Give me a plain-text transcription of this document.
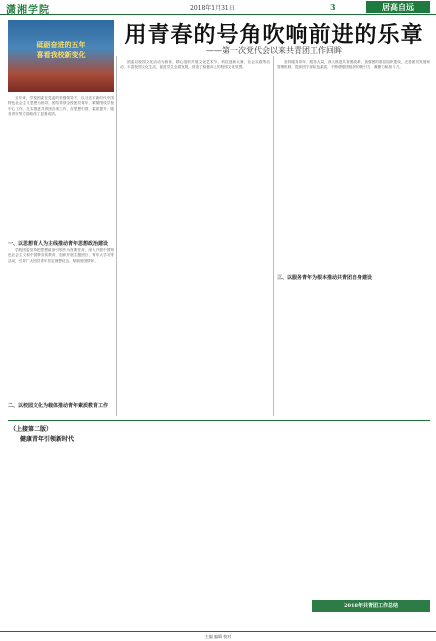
潇湘学院	2018年1月31日	3	居高自远
用青春的号角吹响前进的乐章
——第一次党代会以来共青团工作回眸
砥砺奋进的五年
喜看我校新变化

五年来，学校团委在党委的坚强领导下，以习近平新时代中国特色社会主义思想为指导，团结带领全校团员青年，紧紧围绕学校中心工作，扎实推进共青团各项工作，在思想引领、素质提升、服务青年等方面取得了显著成绩。

一、以思想育人为主线推动青年思想政治建设

学院团委坚持把思想政治引领作为首要任务，深入开展中国特色社会主义和中国梦宣传教育，组织开展主题团日、青年大学习等活动，引导广大团员青年坚定理想信念，厚植爱国情怀。

二、以校园文化为载体推动青年素质教育工作

团委以校园文化活动为载体，精心组织开展文化艺术节、科技创新大赛、社会实践等活动，丰富校园文化生活，促进学生全面发展，营造了积极向上的校园文化氛围。

坚持服务青年、服务大局，深入推进共青团改革，加强团的基层组织建设，完善团员发展和管理机制，提高团干部队伍素质，不断增强团组织的吸引力、凝聚力和战斗力。

三、以服务青年为根本推动共青团自身建设
（上接第二版）
健康青年引领新时代
2018年共青团工作总结
主编 编辑 校对
